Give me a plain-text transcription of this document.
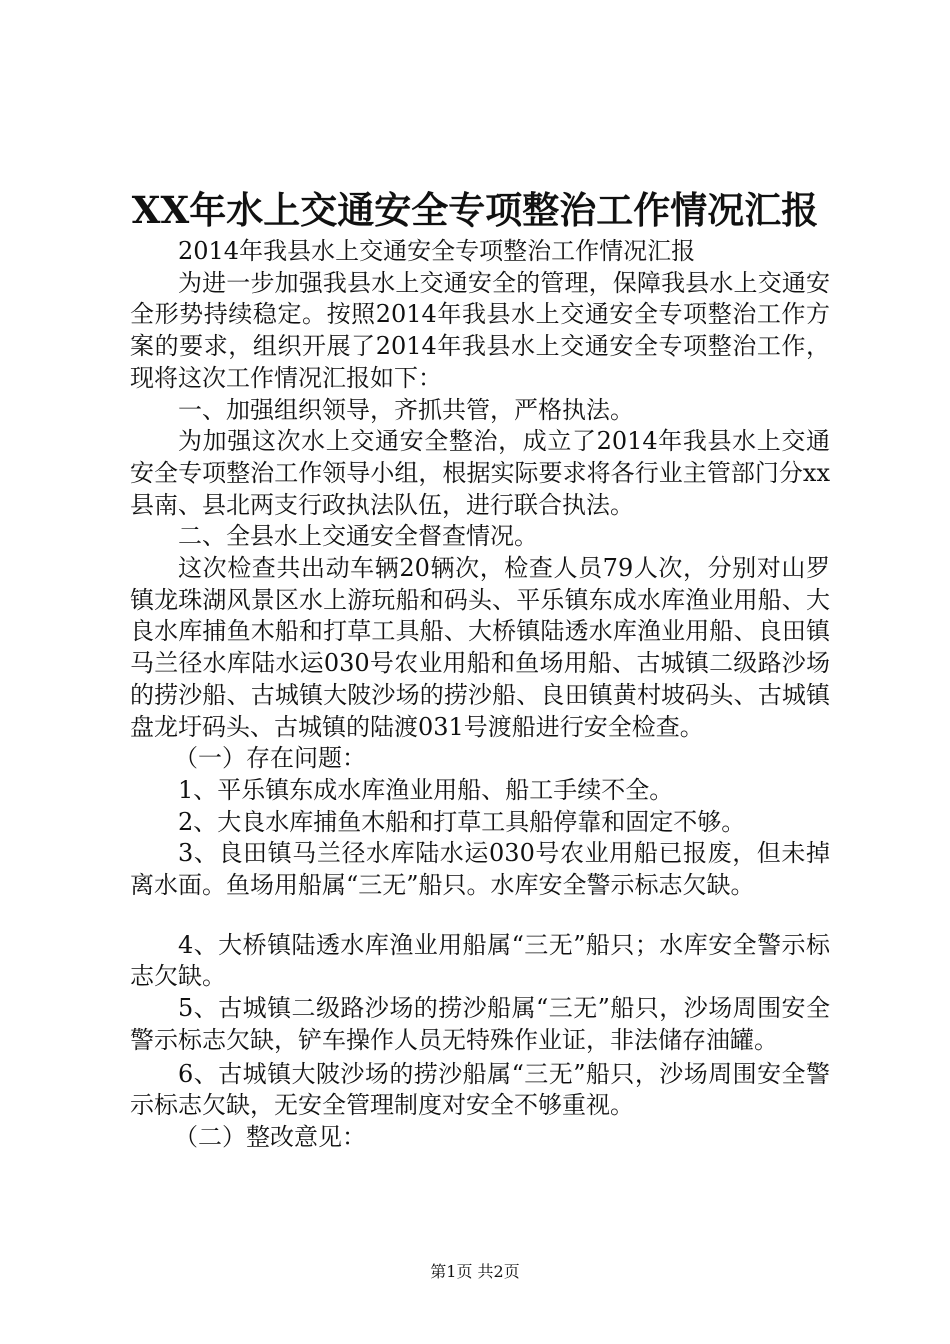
XX年水上交通安全专项整治工作情况汇报

2014年我县水上交通安全专项整治工作情况汇报

为进一步加强我县水上交通安全的管理，保障我县水上交通安全形势持续稳定。按照2014年我县水上交通安全专项整治工作方案的要求，组织开展了2014年我县水上交通安全专项整治工作，现将这次工作情况汇报如下：

一、加强组织领导，齐抓共管，严格执法。

为加强这次水上交通安全整治，成立了2014年我县水上交通安全专项整治工作领导小组，根据实际要求将各行业主管部门分xx县南、县北两支行政执法队伍，进行联合执法。

二、全县水上交通安全督查情况。

这次检查共出动车辆20辆次，检查人员79人次，分别对山罗镇龙珠湖风景区水上游玩船和码头、平乐镇东成水库渔业用船、大良水库捕鱼木船和打草工具船、大桥镇陆透水库渔业用船、良田镇马兰径水库陆水运030号农业用船和鱼场用船、古城镇二级路沙场的捞沙船、古城镇大陂沙场的捞沙船、良田镇黄村坡码头、古城镇盘龙圩码头、古城镇的陆渡031号渡船进行安全检查。

（一）存在问题：

1、平乐镇东成水库渔业用船、船工手续不全。

2、大良水库捕鱼木船和打草工具船停靠和固定不够。

3、良田镇马兰径水库陆水运030号农业用船已报废，但未掉离水面。鱼场用船属“三无”船只。水库安全警示标志欠缺。

4、大桥镇陆透水库渔业用船属“三无”船只；水库安全警示标志欠缺。

5、古城镇二级路沙场的捞沙船属“三无”船只，沙场周围安全警示标志欠缺，铲车操作人员无特殊作业证，非法储存油罐。

6、古城镇大陂沙场的捞沙船属“三无”船只，沙场周围安全警示标志欠缺，无安全管理制度对安全不够重视。

（二）整改意见：

第1页 共2页
